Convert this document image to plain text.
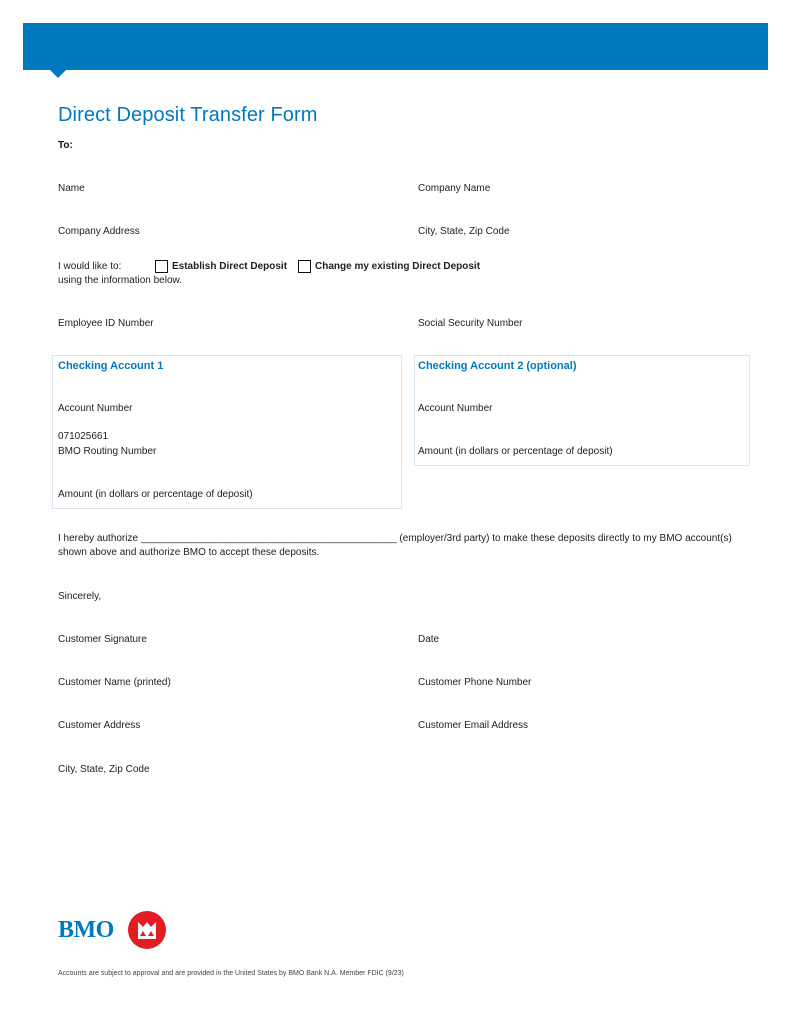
Direct Deposit Transfer Form
To:
Name	Company Name
Company Address	City, State, Zip Code
I would like to:	Establish Direct Deposit	Change my existing Direct Deposit
using the information below.
Employee ID Number	Social Security Number
Checking Account 1
Account Number
071025661
BMO Routing Number
Amount (in dollars or percentage of deposit)
Checking Account 2 (optional)
Account Number
Amount (in dollars or percentage of deposit)
I hereby authorize ______________________________________________ (employer/3rd party) to make these deposits directly to my BMO account(s)
shown above and authorize BMO to accept these deposits.
Sincerely,
Customer Signature	Date
Customer Name (printed)	Customer Phone Number
Customer Address	Customer Email Address
City, State, Zip Code
BMO
Accounts are subject to approval and are provided in the United States by BMO Bank N.A. Member FDIC (9/23)
